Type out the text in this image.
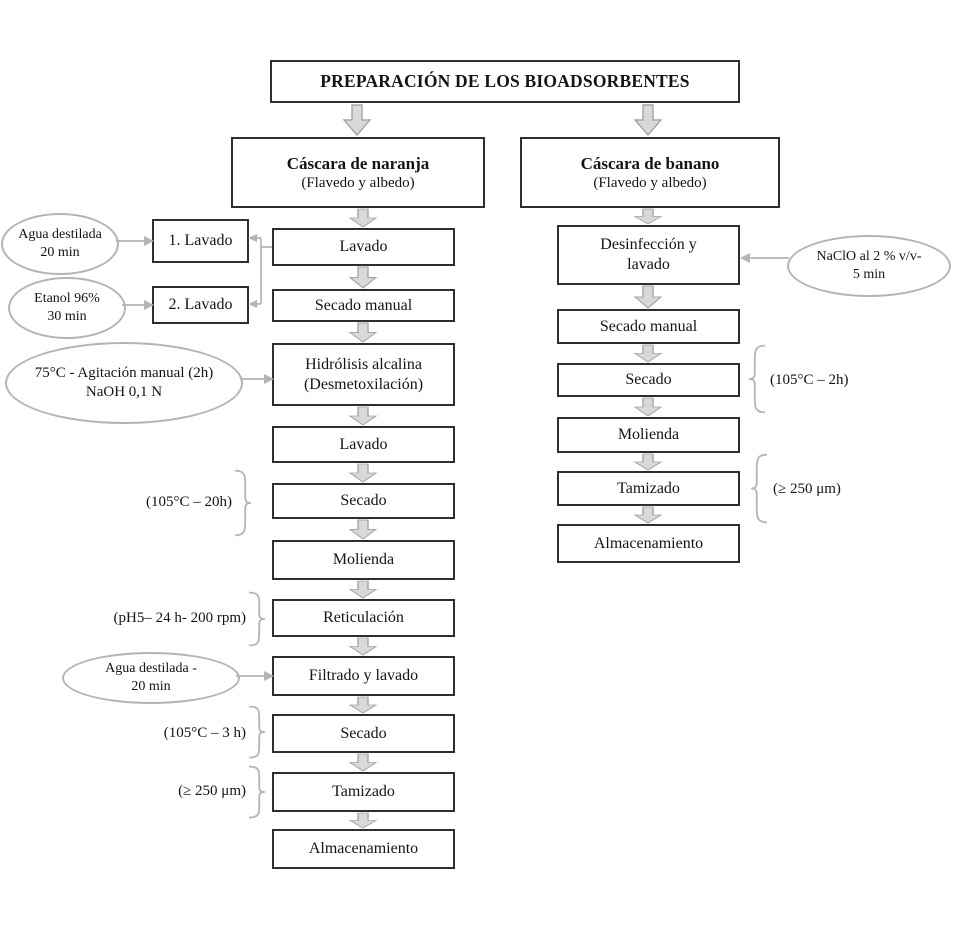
PREPARACIÓN DE LOS BIOADSORBENTES
Cáscara de naranja
(Flavedo y albedo)
Cáscara de banano
(Flavedo y albedo)
Lavado
Secado manual
Hidrólisis alcalina
(Desmetoxilación)
Lavado
Secado
Molienda
Reticulación
Filtrado y lavado
Secado
Tamizado
Almacenamiento
1. Lavado
2. Lavado
Agua destilada
20 min
Etanol 96%
30 min
75°C - Agitación manual (2h)
NaOH 0,1 N
Agua destilada -
20 min
(105°C – 20h)
(pH5– 24 h- 200 rpm)
(105°C – 3 h)
(≥ 250 μm)
Desinfección y
lavado
Secado manual
Secado
Molienda
Tamizado
Almacenamiento
NaClO al 2 % v/v-
5 min
(105°C – 2h)
(≥ 250 μm)
